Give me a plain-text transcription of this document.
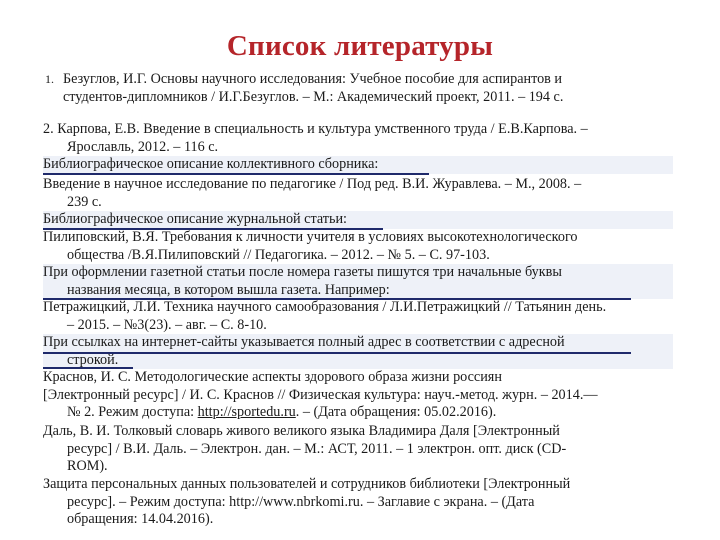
Список литературы
1. Безуглов, И.Г. Основы научного исследования: Учебное пособие для аспирантов и
студентов-дипломников / И.Г.Безуглов. – М.: Академический проект, 2011. – 194 с.
2. Карпова, Е.В. Введение в специальность и культура умственного труда / Е.В.Карпова. –
Ярославль, 2012. – 116 с.
Библиографическое описание коллективного сборника:
Введение в научное исследование по педагогике / Под ред. В.И. Журавлева. – М., 2008. –
239 с.
Библиографическое описание журнальной статьи:
Пилиповский, В.Я. Требования к личности учителя в условиях высокотехнологического
общества /В.Я.Пилиповский // Педагогика. – 2012. – № 5. – С. 97-103.
При оформлении газетной статьи после номера газеты пишутся три начальные буквы
названия месяца, в котором вышла газета. Например:
Петражицкий, Л.И. Техника научного самообразования / Л.И.Петражицкий // Татьянин день.
– 2015. – №3(23). – авг. – С. 8-10.
При ссылках на интернет-сайты указывается полный адрес в соответствии с адресной
строкой.
Краснов, И. С. Методологические аспекты здорового образа жизни россиян
[Электронный ресурс] / И. С. Краснов // Физическая культура: науч.-метод. журн. – 2014.—
№ 2. Режим доступа: http://sportedu.ru. – (Дата обращения: 05.02.2016).
Даль, В. И. Толковый словарь живого великого языка Владимира Даля [Электронный
ресурс] / В.И. Даль. – Электрон. дан. – М.: АСТ, 2011. – 1 электрон. опт. диск (CD-
ROM).
Защита персональных данных пользователей и сотрудников библиотеки [Электронный
ресурс]. – Режим доступа: http://www.nbrkomi.ru. – Заглавие с экрана. – (Дата
обращения: 14.04.2016).
